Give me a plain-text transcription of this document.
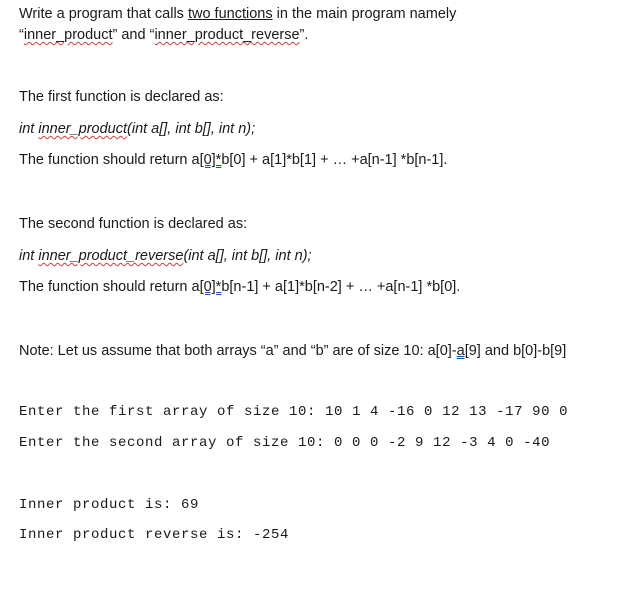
Write a program that calls two functions in the main program namely
“inner_product” and “inner_product_reverse”.
The first function is declared as:
int inner_product(int a[], int b[], int n);
The function should return a[0]*b[0] + a[1]*b[1] + … +a[n-1] *b[n-1].
The second function is declared as:
int inner_product_reverse(int a[], int b[], int n);
The function should return a[0]*b[n-1] + a[1]*b[n-2] + … +a[n-1] *b[0].
Note: Let us assume that both arrays “a” and “b” are of size 10: a[0]-a[9] and b[0]-b[9]
Enter the first array of size 10: 10 1 4 -16 0 12 13 -17 90 0
Enter the second array of size 10: 0 0 0 -2 9 12 -3 4 0 -40
Inner product is: 69
Inner product reverse is: -254
